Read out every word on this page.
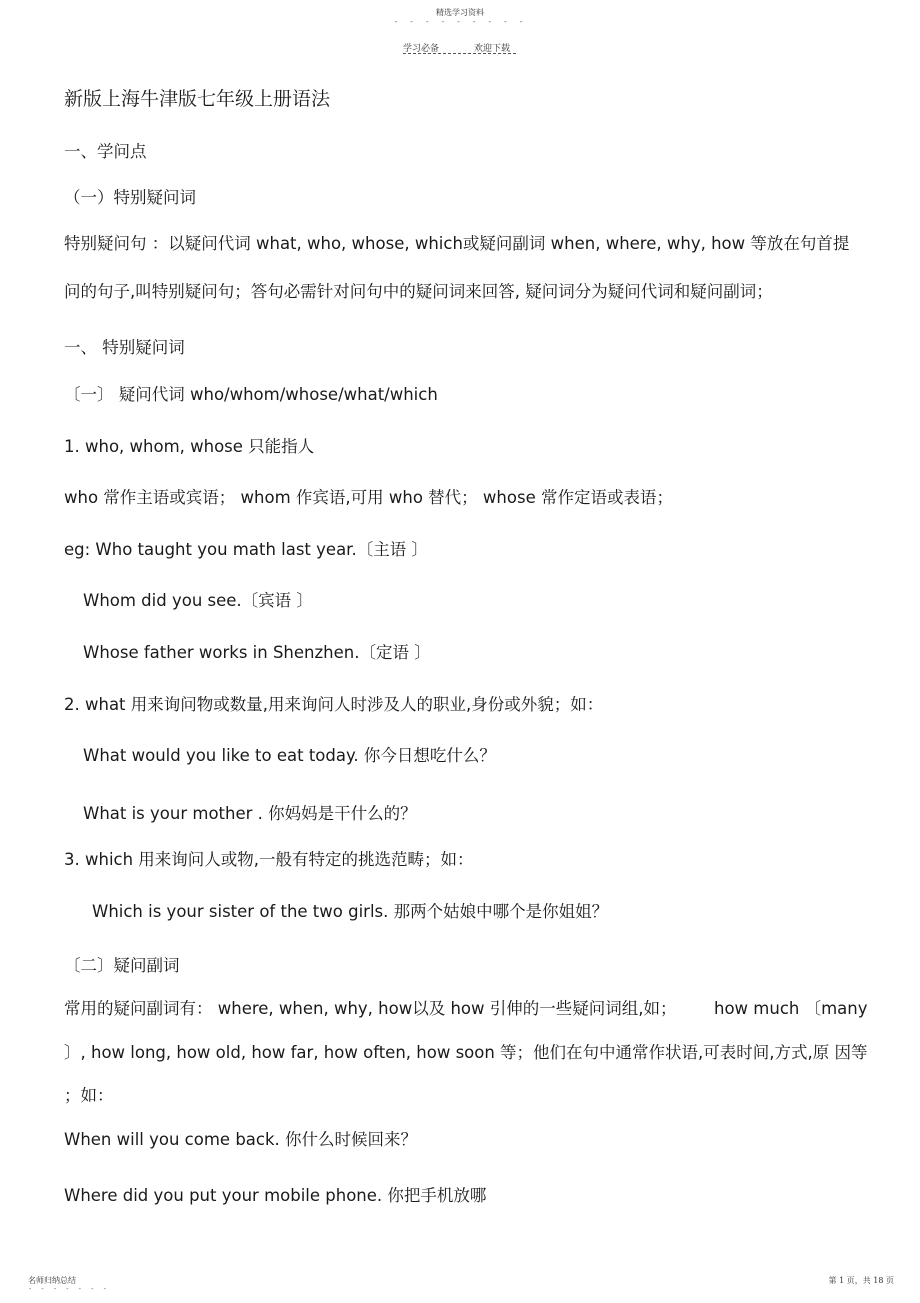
精选学习资料
- - - - - - - - -
学习必备	欢迎下载
新版上海牛津版七年级上册语法
一、学问点
（一）特别疑问词
特别疑问句 ：以疑问代词 what, who, whose, which或疑问副词 when, where, why, how 等放在句首提
问的句子,叫特别疑问句；答句必需针对问句中的疑问词来回答, 疑问词分为疑问代词和疑问副词；
一、 特别疑问词
〔一〕 疑问代词 who/whom/whose/what/which
1. who, whom, whose 只能指人
who 常作主语或宾语； whom 作宾语,可用 who 替代； whose 常作定语或表语；
eg: Who taught you math last year.〔主语 〕
Whom did you see.〔宾语 〕
Whose father works in Shenzhen.〔定语 〕
2. what 用来询问物或数量,用来询问人时涉及人的职业,身份或外貌；如：
What would you like to eat today. 你今日想吃什么？
What is your mother . 你妈妈是干什么的？
3. which 用来询问人或物,一般有特定的挑选范畴；如：
Which is your sister of the two girls. 那两个姑娘中哪个是你姐姐？
〔二〕疑问副词
常用的疑问副词有： where, when, why, how以及 how 引伸的一些疑问词组,如； how much 〔many
〕, how long, how old, how far, how often, how soon 等；他们在句中通常作状语,可表时间,方式,原 因等
；如：
When will you come back. 你什么时候回来？
Where did you put your mobile phone. 你把手机放哪
名师归纳总结
- - - - - - -
第 1 页，共 18 页
